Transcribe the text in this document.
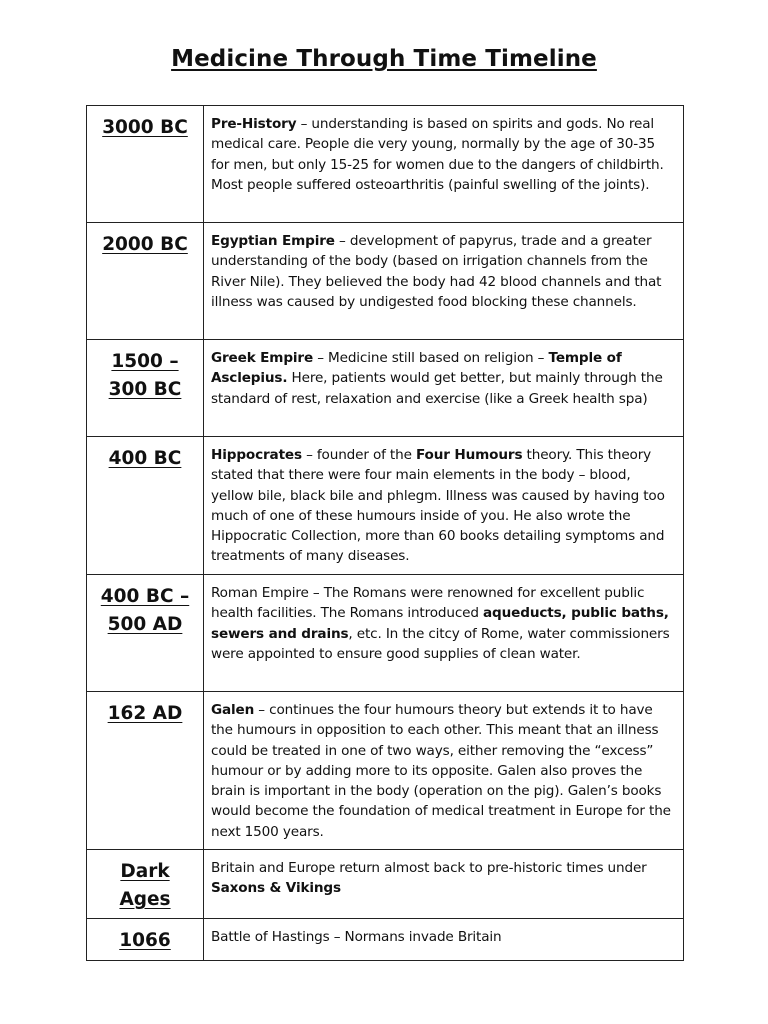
Medicine Through Time Timeline
3000 BC	Pre-History – understanding is based on spirits and gods. No real medical care. People die very young, normally by the age of 30-35 for men, but only 15-25 for women due to the dangers of childbirth. Most people suffered osteoarthritis (painful swelling of the joints).

2000 BC	Egyptian Empire – development of papyrus, trade and a greater understanding of the body (based on irrigation channels from the River Nile). They believed the body had 42 blood channels and that illness was caused by undigested food blocking these channels.

1500 –
300 BC	Greek Empire – Medicine still based on religion – Temple of Asclepius. Here, patients would get better, but mainly through the standard of rest, relaxation and exercise (like a Greek health spa)

400 BC	Hippocrates – founder of the Four Humours theory. This theory stated that there were four main elements in the body – blood, yellow bile, black bile and phlegm. Illness was caused by having too much of one of these humours inside of you. He also wrote the Hippocratic Collection, more than 60 books detailing symptoms and treatments of many diseases.

400 BC –
500 AD	Roman Empire – The Romans were renowned for excellent public health facilities. The Romans introduced aqueducts, public baths, sewers and drains, etc. In the citcy of Rome, water commissioners were appointed to ensure good supplies of clean water.

162 AD	Galen – continues the four humours theory but extends it to have the humours in opposition to each other. This meant that an illness could be treated in one of two ways, either removing the “excess” humour or by adding more to its opposite. Galen also proves the brain is important in the body (operation on the pig). Galen’s books would become the foundation of medical treatment in Europe for the next 1500 years.

Dark
Ages	Britain and Europe return almost back to pre-historic times under Saxons & Vikings

1066	Battle of Hastings – Normans invade Britain
